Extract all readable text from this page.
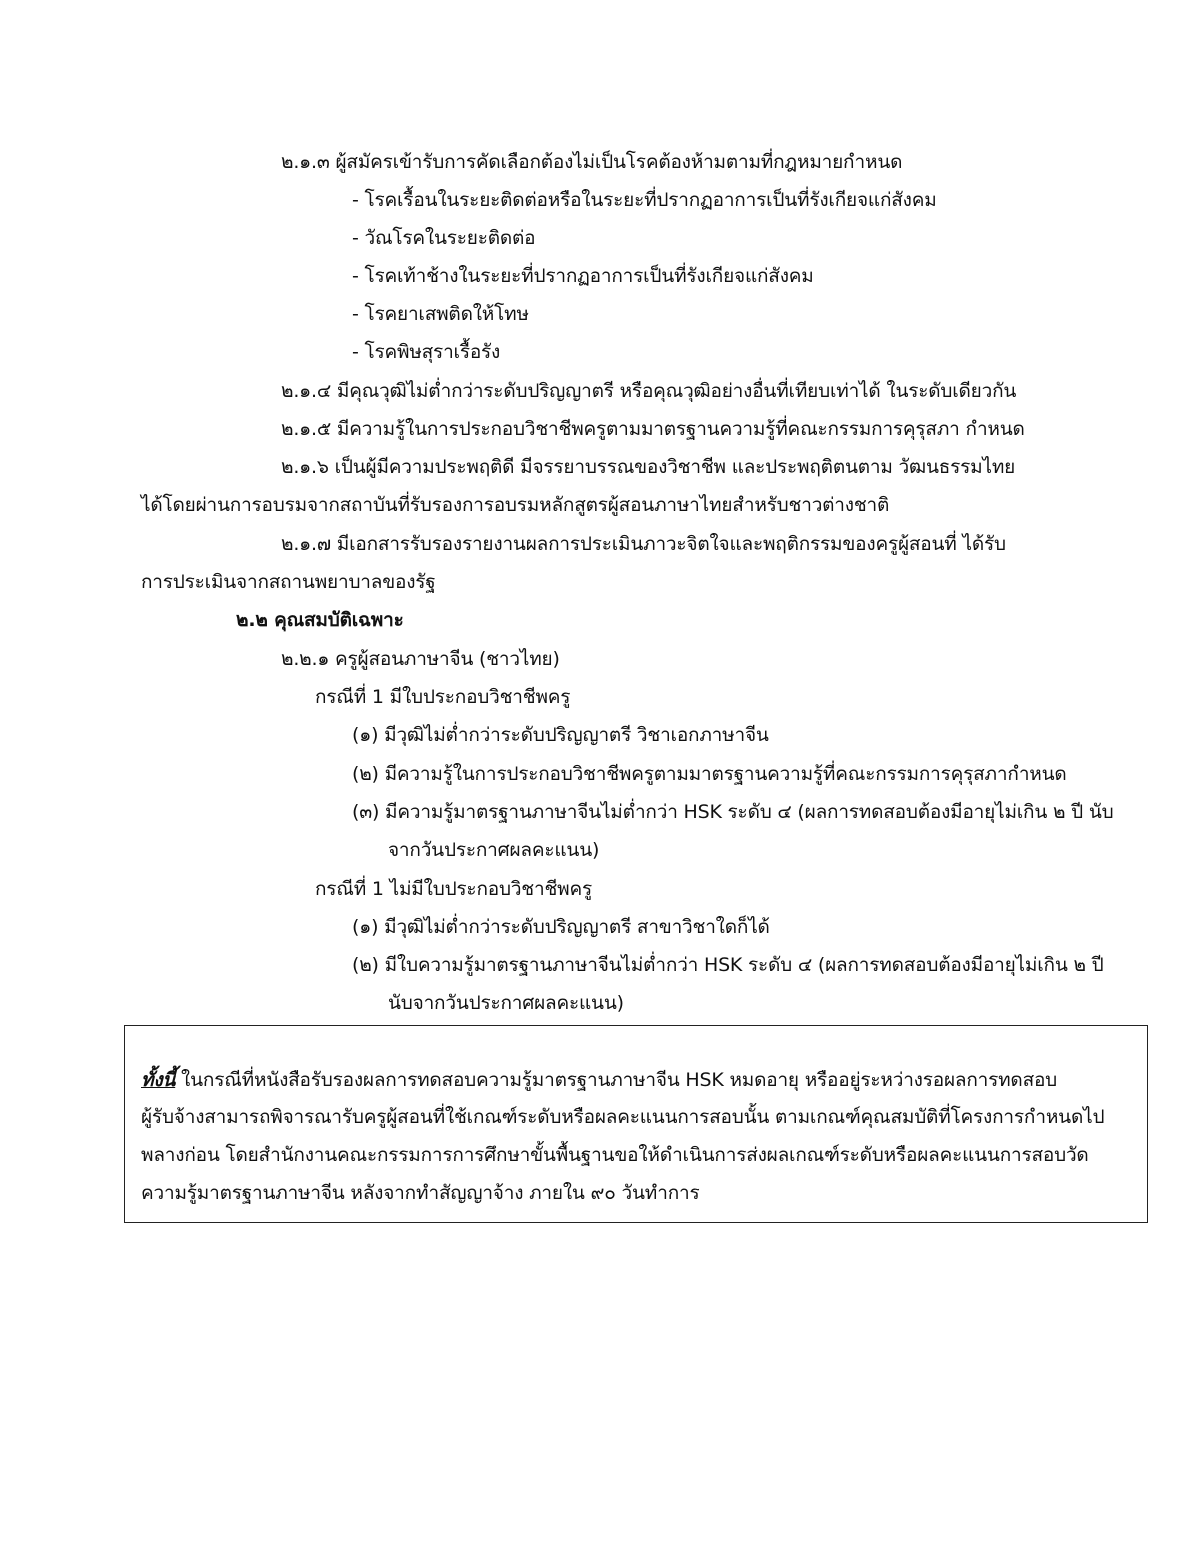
๒.๑.๓ ผู้สมัครเข้ารับการคัดเลือกต้องไม่เป็นโรคต้องห้ามตามที่กฎหมายกำหนด
- โรคเรื้อนในระยะติดต่อหรือในระยะที่ปรากฏอาการเป็นที่รังเกียจแก่สังคม
- วัณโรคในระยะติดต่อ
- โรคเท้าช้างในระยะที่ปรากฏอาการเป็นที่รังเกียจแก่สังคม
- โรคยาเสพติดให้โทษ
- โรคพิษสุราเรื้อรัง
๒.๑.๔ มีคุณวุฒิไม่ต่ำกว่าระดับปริญญาตรี หรือคุณวุฒิอย่างอื่นที่เทียบเท่าได้ ในระดับเดียวกัน
๒.๑.๕ มีความรู้ในการประกอบวิชาชีพครูตามมาตรฐานความรู้ที่คณะกรรมการคุรุสภา กำหนด
๒.๑.๖ เป็นผู้มีความประพฤติดี มีจรรยาบรรณของวิชาชีพ และประพฤติตนตาม วัฒนธรรมไทย
ได้โดยผ่านการอบรมจากสถาบันที่รับรองการอบรมหลักสูตรผู้สอนภาษาไทยสำหรับชาวต่างชาติ
๒.๑.๗ มีเอกสารรับรองรายงานผลการประเมินภาวะจิตใจและพฤติกรรมของครูผู้สอนที่ ได้รับ
การประเมินจากสถานพยาบาลของรัฐ
๒.๒ คุณสมบัติเฉพาะ
๒.๒.๑ ครูผู้สอนภาษาจีน (ชาวไทย)
กรณีที่ 1 มีใบประกอบวิชาชีพครู
(๑) มีวุฒิไม่ต่ำกว่าระดับปริญญาตรี วิชาเอกภาษาจีน
(๒) มีความรู้ในการประกอบวิชาชีพครูตามมาตรฐานความรู้ที่คณะกรรมการคุรุสภากำหนด
(๓) มีความรู้มาตรฐานภาษาจีนไม่ต่ำกว่า HSK ระดับ ๔ (ผลการทดสอบต้องมีอายุไม่เกิน ๒ ปี นับ
จากวันประกาศผลคะแนน)
กรณีที่ 1 ไม่มีใบประกอบวิชาชีพครู
(๑) มีวุฒิไม่ต่ำกว่าระดับปริญญาตรี สาขาวิชาใดก็ได้
(๒) มีใบความรู้มาตรฐานภาษาจีนไม่ต่ำกว่า HSK ระดับ ๔ (ผลการทดสอบต้องมีอายุไม่เกิน ๒ ปี
นับจากวันประกาศผลคะแนน)
ทั้งนี้ ในกรณีที่หนังสือรับรองผลการทดสอบความรู้มาตรฐานภาษาจีน HSK หมดอายุ หรืออยู่ระหว่างรอผลการทดสอบ
ผู้รับจ้างสามารถพิจารณารับครูผู้สอนที่ใช้เกณฑ์ระดับหรือผลคะแนนการสอบนั้น ตามเกณฑ์คุณสมบัติที่โครงการกำหนดไป
พลางก่อน โดยสำนักงานคณะกรรมการการศึกษาขั้นพื้นฐานขอให้ดำเนินการส่งผลเกณฑ์ระดับหรือผลคะแนนการสอบวัด
ความรู้มาตรฐานภาษาจีน หลังจากทำสัญญาจ้าง ภายใน ๙๐ วันทำการ
